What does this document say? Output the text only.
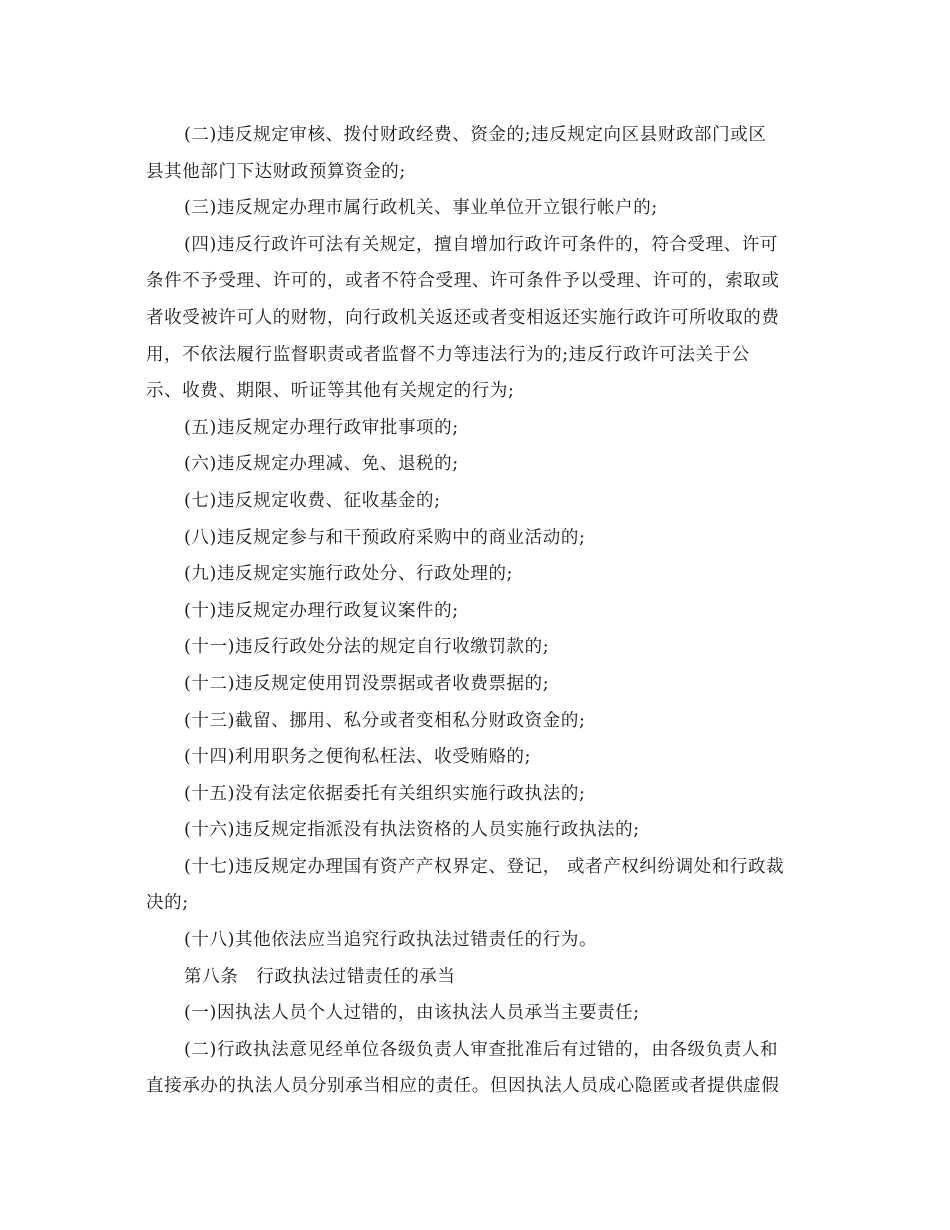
(二)违反规定审核、拨付财政经费、资金的;违反规定向区县财政部门或区
县其他部门下达财政预算资金的;
(三)违反规定办理市属行政机关、事业单位开立银行帐户的;
(四)违反行政许可法有关规定，擅自增加行政许可条件的，符合受理、许可
条件不予受理、许可的，或者不符合受理、许可条件予以受理、许可的，索取或
者收受被许可人的财物，向行政机关返还或者变相返还实施行政许可所收取的费
用，不依法履行监督职责或者监督不力等违法行为的;违反行政许可法关于公
示、收费、期限、听证等其他有关规定的行为;
(五)违反规定办理行政审批事项的;
(六)违反规定办理减、免、退税的;
(七)违反规定收费、征收基金的;
(八)违反规定参与和干预政府采购中的商业活动的;
(九)违反规定实施行政处分、行政处理的;
(十)违反规定办理行政复议案件的;
(十一)违反行政处分法的规定自行收缴罚款的;
(十二)违反规定使用罚没票据或者收费票据的;
(十三)截留、挪用、私分或者变相私分财政资金的;
(十四)利用职务之便徇私枉法、收受贿赂的;
(十五)没有法定依据委托有关组织实施行政执法的;
(十六)违反规定指派没有执法资格的人员实施行政执法的;
(十七)违反规定办理国有资产产权界定、登记， 或者产权纠纷调处和行政裁
决的;
(十八)其他依法应当追究行政执法过错责任的行为。
第八条　行政执法过错责任的承当
(一)因执法人员个人过错的，由该执法人员承当主要责任;
(二)行政执法意见经单位各级负责人审查批准后有过错的，由各级负责人和
直接承办的执法人员分别承当相应的责任。但因执法人员成心隐匿或者提供虚假
